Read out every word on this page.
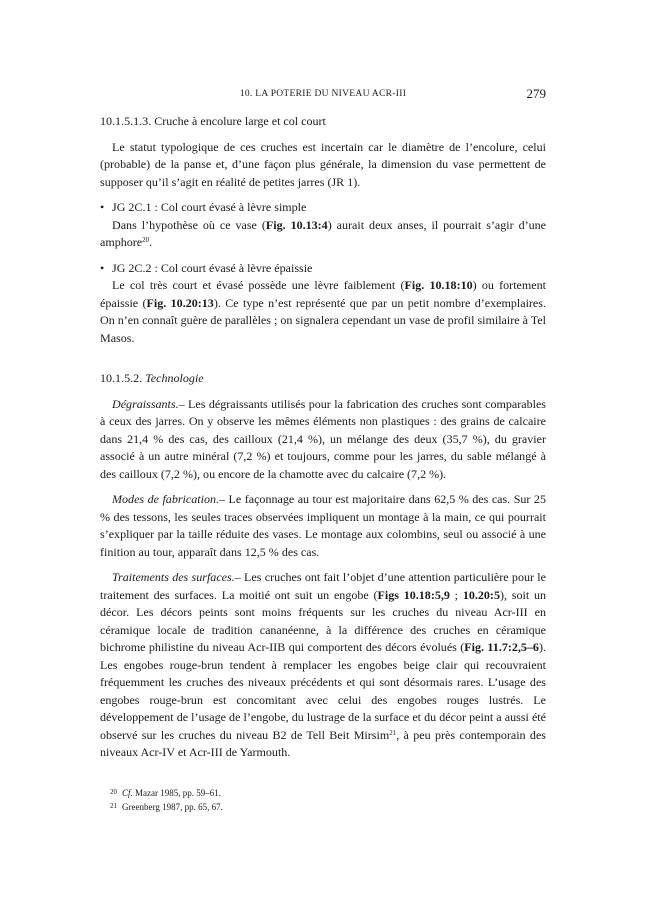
10. LA POTERIE DU NIVEAU ACR-III	279

10.1.5.1.3. Cruche à encolure large et col court

Le statut typologique de ces cruches est incertain car le diamètre de l’encolure, celui (probable) de la panse et, d’une façon plus générale, la dimension du vase permettent de supposer qu’il s’agit en réalité de petites jarres (JR 1).

• JG 2C.1 : Col court évasé à lèvre simple

Dans l’hypothèse où ce vase (Fig. 10.13:4) aurait deux anses, il pourrait s’agir d’une amphore$^{20}$.

• JG 2C.2 : Col court évasé à lèvre épaissie

Le col très court et évasé possède une lèvre faiblement (Fig. 10.18:10) ou fortement épaissie (Fig. 10.20:13). Ce type n’est représenté que par un petit nombre d’exemplaires. On n’en connaît guère de parallèles ; on signalera cependant un vase de profil similaire à Tel Masos.

10.1.5.2. Technologie

Dégraissants.– Les dégraissants utilisés pour la fabrication des cruches sont comparables à ceux des jarres. On y observe les mêmes éléments non plastiques : des grains de calcaire dans 21,4 % des cas, des cailloux (21,4 %), un mélange des deux (35,7 %), du gravier associé à un autre minéral (7,2 %) et toujours, comme pour les jarres, du sable mélangé à des cailloux (7,2 %), ou encore de la chamotte avec du calcaire (7,2 %).

Modes de fabrication.– Le façonnage au tour est majoritaire dans 62,5 % des cas. Sur 25 % des tessons, les seules traces observées impliquent un montage à la main, ce qui pourrait s’expliquer par la taille réduite des vases. Le montage aux colombins, seul ou associé à une finition au tour, apparaît dans 12,5 % des cas.

Traitements des surfaces.– Les cruches ont fait l’objet d’une attention particulière pour le traitement des surfaces. La moitié ont suit un engobe (Figs 10.18:5,9 ; 10.20:5), soit un décor. Les décors peints sont moins fréquents sur les cruches du niveau Acr-III en céramique locale de tradition cananéenne, à la différence des cruches en céramique bichrome philistine du niveau Acr-IIB qui comportent des décors évolués (Fig. 11.7:2,5–6). Les engobes rouge-brun tendent à remplacer les engobes beige clair qui recouvraient fréquemment les cruches des niveaux précédents et qui sont désormais rares. L’usage des engobes rouge-brun est concomitant avec celui des engobes rouges lustrés. Le développement de l’usage de l’engobe, du lustrage de la surface et du décor peint a aussi été observé sur les cruches du niveau B2 de Tell Beit Mirsim$^{21}$, à peu près contemporain des niveaux Acr-IV et Acr-III de Yarmouth.

20 Cf. Mazar 1985, pp. 59–61.
21 Greenberg 1987, pp. 65, 67.
